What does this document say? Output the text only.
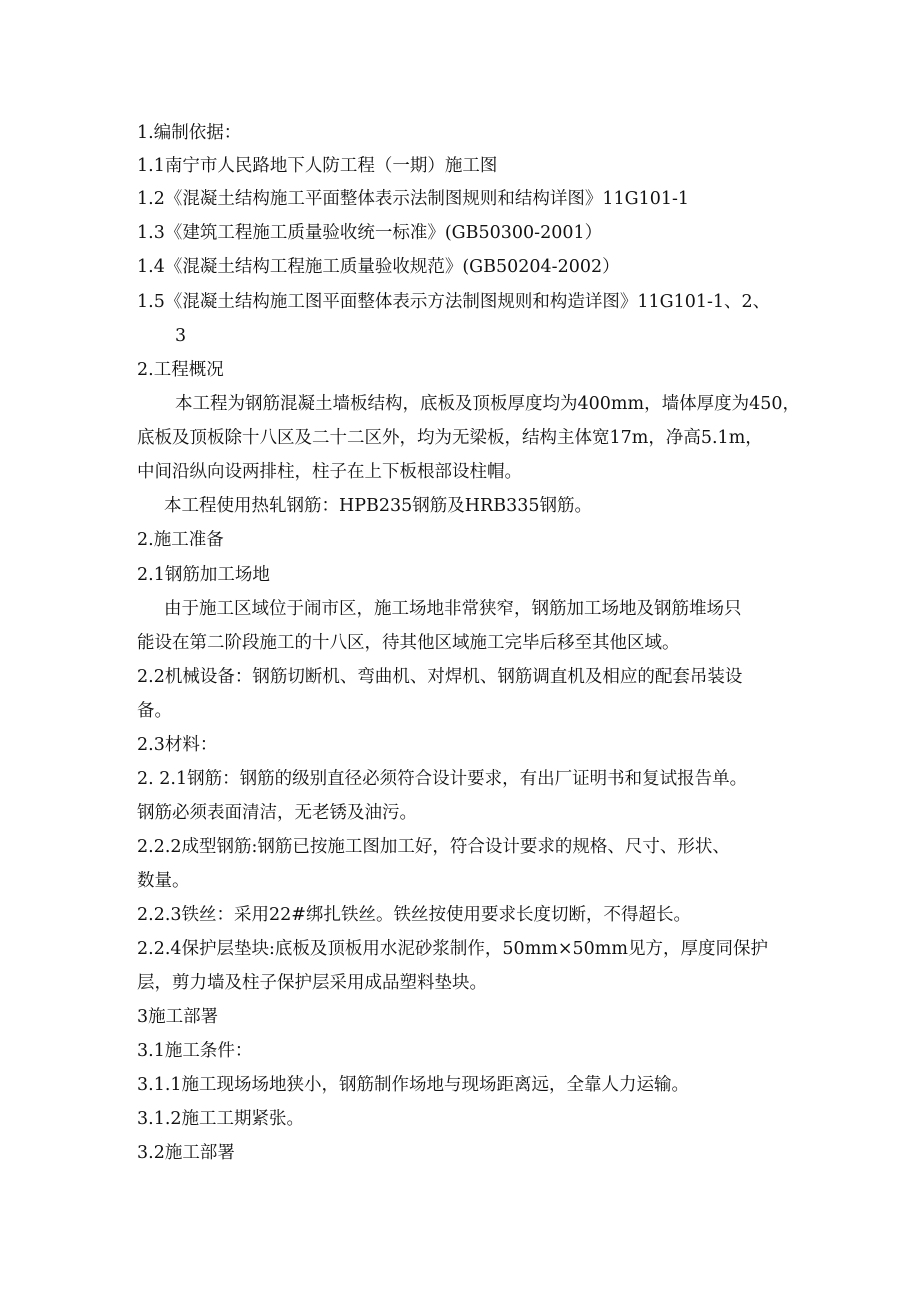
1.编制依据：
1.1南宁市人民路地下人防工程（一期）施工图
1.2《混凝土结构施工平面整体表示法制图规则和结构详图》11G101-1
1.3《建筑工程施工质量验收统一标准》(GB50300-2001）
1.4《混凝土结构工程施工质量验收规范》(GB50204-2002）
1.5《混凝土结构施工图平面整体表示方法制图规则和构造详图》11G101-1、2、
3
2.工程概况
本工程为钢筋混凝土墙板结构，底板及顶板厚度均为400mm，墙体厚度为450，
底板及顶板除十八区及二十二区外，均为无梁板，结构主体宽17m，净高5.1m，
中间沿纵向设两排柱，柱子在上下板根部设柱帽。
本工程使用热轧钢筋：HPB235钢筋及HRB335钢筋。
2.施工准备
2.1钢筋加工场地
由于施工区域位于闹市区，施工场地非常狭窄，钢筋加工场地及钢筋堆场只
能设在第二阶段施工的十八区，待其他区域施工完毕后移至其他区域。
2.2机械设备：钢筋切断机、弯曲机、对焊机、钢筋调直机及相应的配套吊装设
备。
2.3材料：
2. 2.1钢筋：钢筋的级别直径必须符合设计要求，有出厂证明书和复试报告单。
钢筋必须表面清洁，无老锈及油污。
2.2.2成型钢筋:钢筋已按施工图加工好，符合设计要求的规格、尺寸、形状、
数量。
2.2.3铁丝：采用22#绑扎铁丝。铁丝按使用要求长度切断，不得超长。
2.2.4保护层垫块:底板及顶板用水泥砂浆制作，50mm×50mm见方，厚度同保护
层，剪力墙及柱子保护层采用成品塑料垫块。
3施工部署
3.1施工条件：
3.1.1施工现场场地狭小，钢筋制作场地与现场距离远，全靠人力运输。
3.1.2施工工期紧张。
3.2施工部署
